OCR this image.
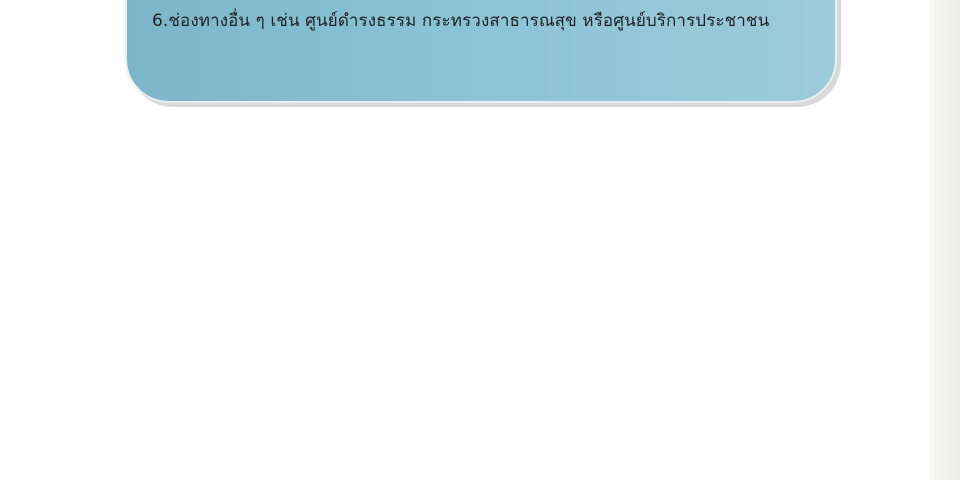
6.ช่องทางอื่น ๆ เช่น ศูนย์ดำรงธรรม กระทรวงสาธารณสุข หรือศูนย์บริการประชาชน
